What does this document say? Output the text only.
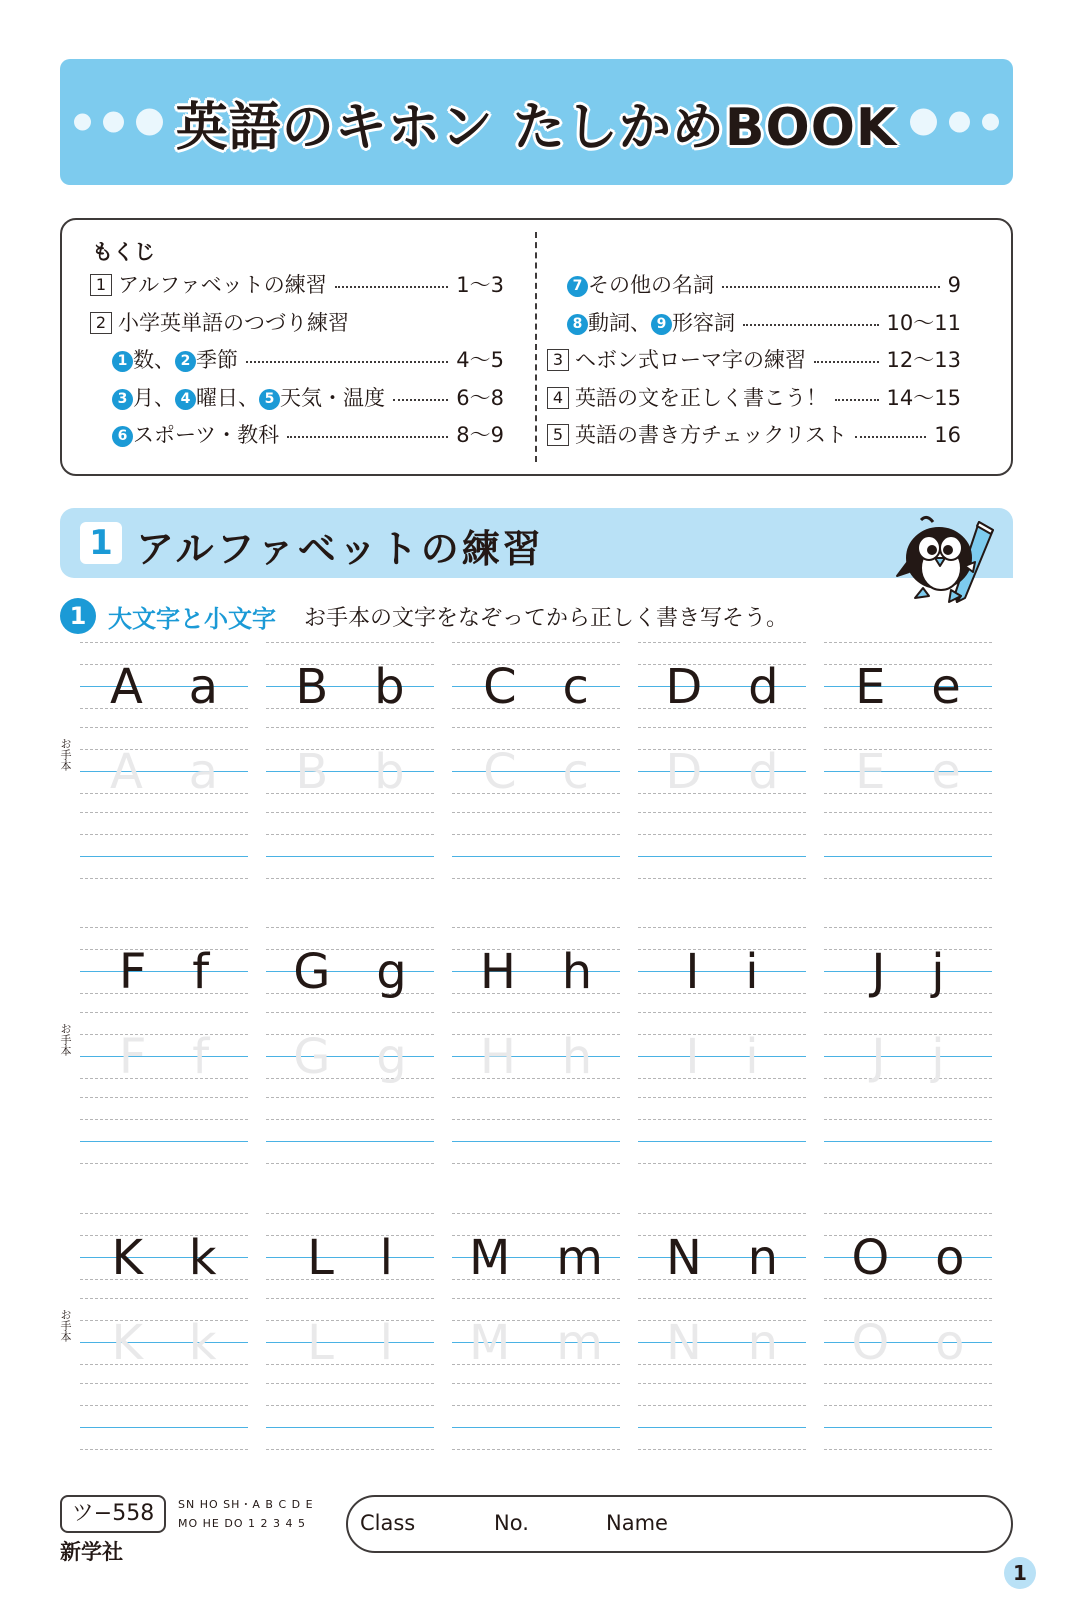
英語のキホン たしかめBOOK
もくじ
1 アルファベットの練習	1〜3
2 小学英単語のつづり練習
1 数、 2 季節	4〜5
3 月、 4 曜日、 5 天気・温度	6〜8
6 スポーツ・教科	8〜9
7 その他の名詞	9
8 動詞、 9 形容詞	10〜11
3 ヘボン式ローマ字の練習	12〜13
4 英語の文を正しく書こう！	14〜15
5 英語の書き方チェックリスト	16
1 アルファベットの練習
1 大文字と小文字 お手本の文字をなぞってから正しく書き写そう。
お手本
A   a
A   a
B   b
B   b
C   c
C   c
D   d
D   d
E   e
E   e
お手本
F   f
F   f
G   g
G   g
H   h
H   h
I   i
I   i
J   j
J   j
お手本
K   k
K   k
L   l
L   l
M   m
M   m
N   n
N   n
O   o
O   o
ツ−558	SN HO SH・A B C D E
MO HE DO 1 2 3 4 5
新学社
Class	No.	Name
1
